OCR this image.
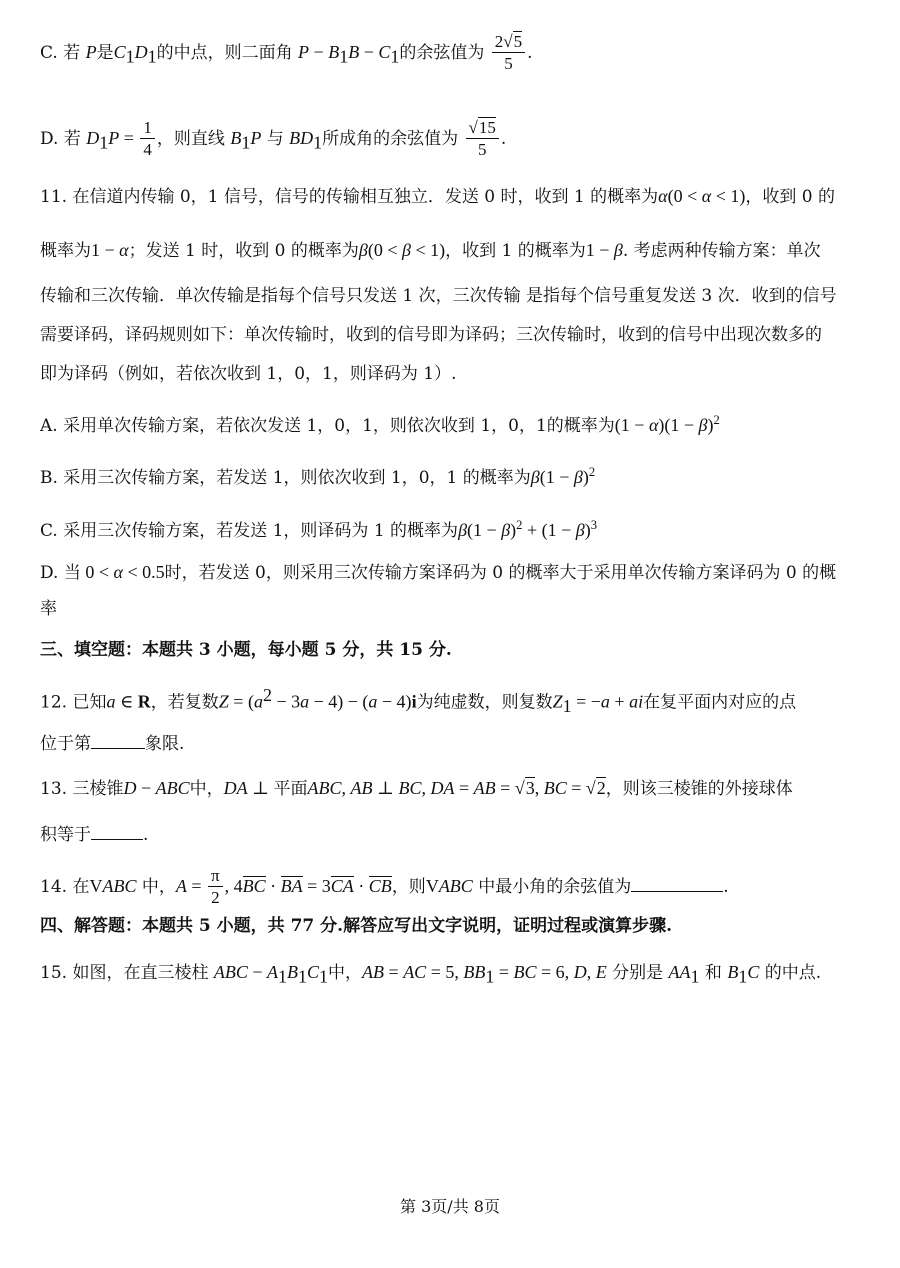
C. 若 P是$C_1D_1$的中点，则二面角 $P - B_1B - C_1$的余弦值为 $\frac{2√5}{5}$ .
D. 若 $D_1P = \frac{1}{4}$ ，则直线 $B_1P$ 与 $BD_1$所成角的余弦值为 $\frac{√15}{5}$ .
11. 在信道内传输 0，1 信号，信号的传输相互独立．发送 0 时，收到 1 的概率为α(0 < α < 1)，收到 0 的
概率为1 − α；发送 1 时，收到 0 的概率为β(0 < β < 1)，收到 1 的概率为1 − β. 考虑两种传输方案：单次
传输和三次传输．单次传输是指每个信号只发送 1 次，三次传输 是指每个信号重复发送 3 次．收到的信号
需要译码，译码规则如下：单次传输时，收到的信号即为译码；三次传输时，收到的信号中出现次数多的
即为译码（例如，若依次收到 1，0，1，则译码为 1）.
A. 采用单次传输方案，若依次发送 1，0，1，则依次收到 1，0，1的概率为$(1 - \alpha)(1 - \beta)^2$
B. 采用三次传输方案，若发送 1，则依次收到 1，0，1 的概率为$\beta(1 - \beta)^2$
C. 采用三次传输方案，若发送 1，则译码为 1 的概率为$\beta(1 - \beta)^2 + (1 - \beta)^3$
D. 当 0 < α < 0.5时，若发送 0，则采用三次传输方案译码为 0 的概率大于采用单次传输方案译码为 0 的概
率
三、填空题：本题共 3 小题，每小题 5 分，共 15 分.
12. 已知a ∈ R，若复数$Z = (a^2 - 3a - 4) - (a - 4)i$为纯虚数，则复数$Z_1 = -a$ + ai在复平面内对应的点
位于第	象限.
13. 三棱锥D − ABC中，DA ⊥ 平面ABC, AB ⊥ BC, DA = AB = √3, BC = √2，则该三棱锥的外接球体
积等于	.
14. 在VABC 中，$A = \frac{\pi}{2}$ , 4BC · BA = 3CA · CB，则VABC 中最小角的余弦值为	.
四、解答题：本题共 5 小题，共 77 分.解答应写出文字说明，证明过程或演算步骤.
15. 如图，在直三棱柱 ABC − $A_1B_1C_1$中，AB = AC = 5, $BB_1$ = BC = 6, D, E 分别是 $AA_1$ 和 $B_1C$ 的中点.
第 3页/共 8页
